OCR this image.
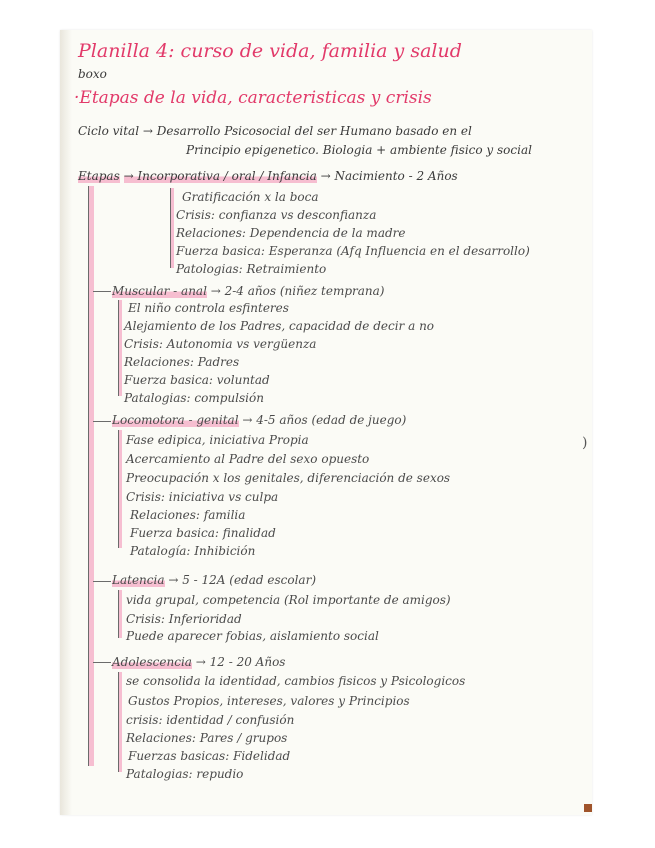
Planilla 4: curso de vida, familia y salud
boxo
·Etapas de la vida, caracteristicas y crisis
Ciclo vital → Desarrollo Psicosocial del ser Humano basado en el
Principio epigenetico. Biologia + ambiente fisico y social
Etapas → Incorporativa / oral / Infancia → Nacimiento - 2 Años
Gratificación x la boca
Crisis: confianza vs desconfianza
Relaciones: Dependencia de la madre
Fuerza basica: Esperanza (Afq Influencia en el desarrollo)
Patologias: Retraimiento
Muscular - anal → 2-4 años (niñez temprana)
El niño controla esfinteres
Alejamiento de los Padres, capacidad de decir a no
Crisis: Autonomia vs vergüenza
Relaciones: Padres
Fuerza basica: voluntad
Patalogias: compulsión
Locomotora - genital → 4-5 años (edad de juego)
Fase edipica, iniciativa Propia
Acercamiento al Padre del sexo opuesto
Preocupación x los genitales, diferenciación de sexos
Crisis: iniciativa vs culpa
Relaciones: familia
Fuerza basica: finalidad
Patalogía: Inhibición
)
Latencia → 5 - 12A (edad escolar)
vida grupal, competencia (Rol importante de amigos)
Crisis: Inferioridad
Puede aparecer fobias, aislamiento social
Adolescencia → 12 - 20 Años
se consolida la identidad, cambios fisicos y Psicologicos
Gustos Propios, intereses, valores y Principios
crisis: identidad / confusión
Relaciones: Pares / grupos
Fuerzas basicas: Fidelidad
Patalogias: repudio
